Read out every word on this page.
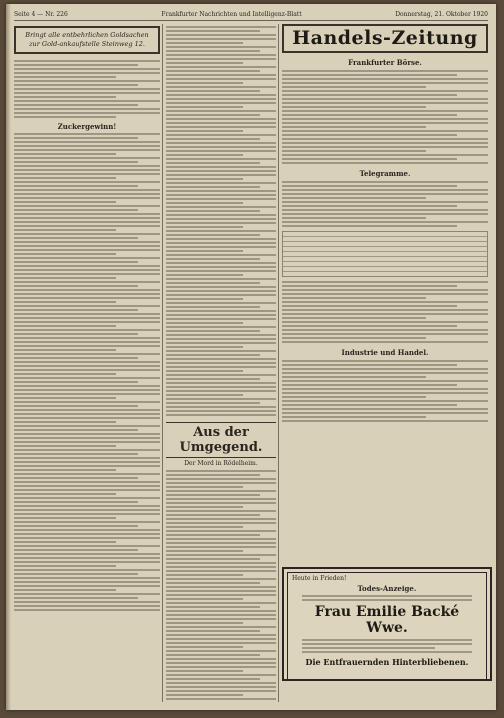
Seite 4 — Nr. 226	Frankfurter Nachrichten und Intelligenz-Blatt	Donnerstag, 21. Oktober 1920
Bringt alle entbehrlichen Goldsachen zur Gold-ankaufstelle Steinweg 12.
Zuckergewinn!
Aus der Umgegend.
Der Mord in Rödelheim.
Handels-Zeitung
Frankfurter Börse.
Telegramme.
Industrie und Handel.
Heute in Frieden!
Todes-Anzeige.
Frau Emilie Backé Wwe.
Die Entfrauernden Hinterbliebenen.
